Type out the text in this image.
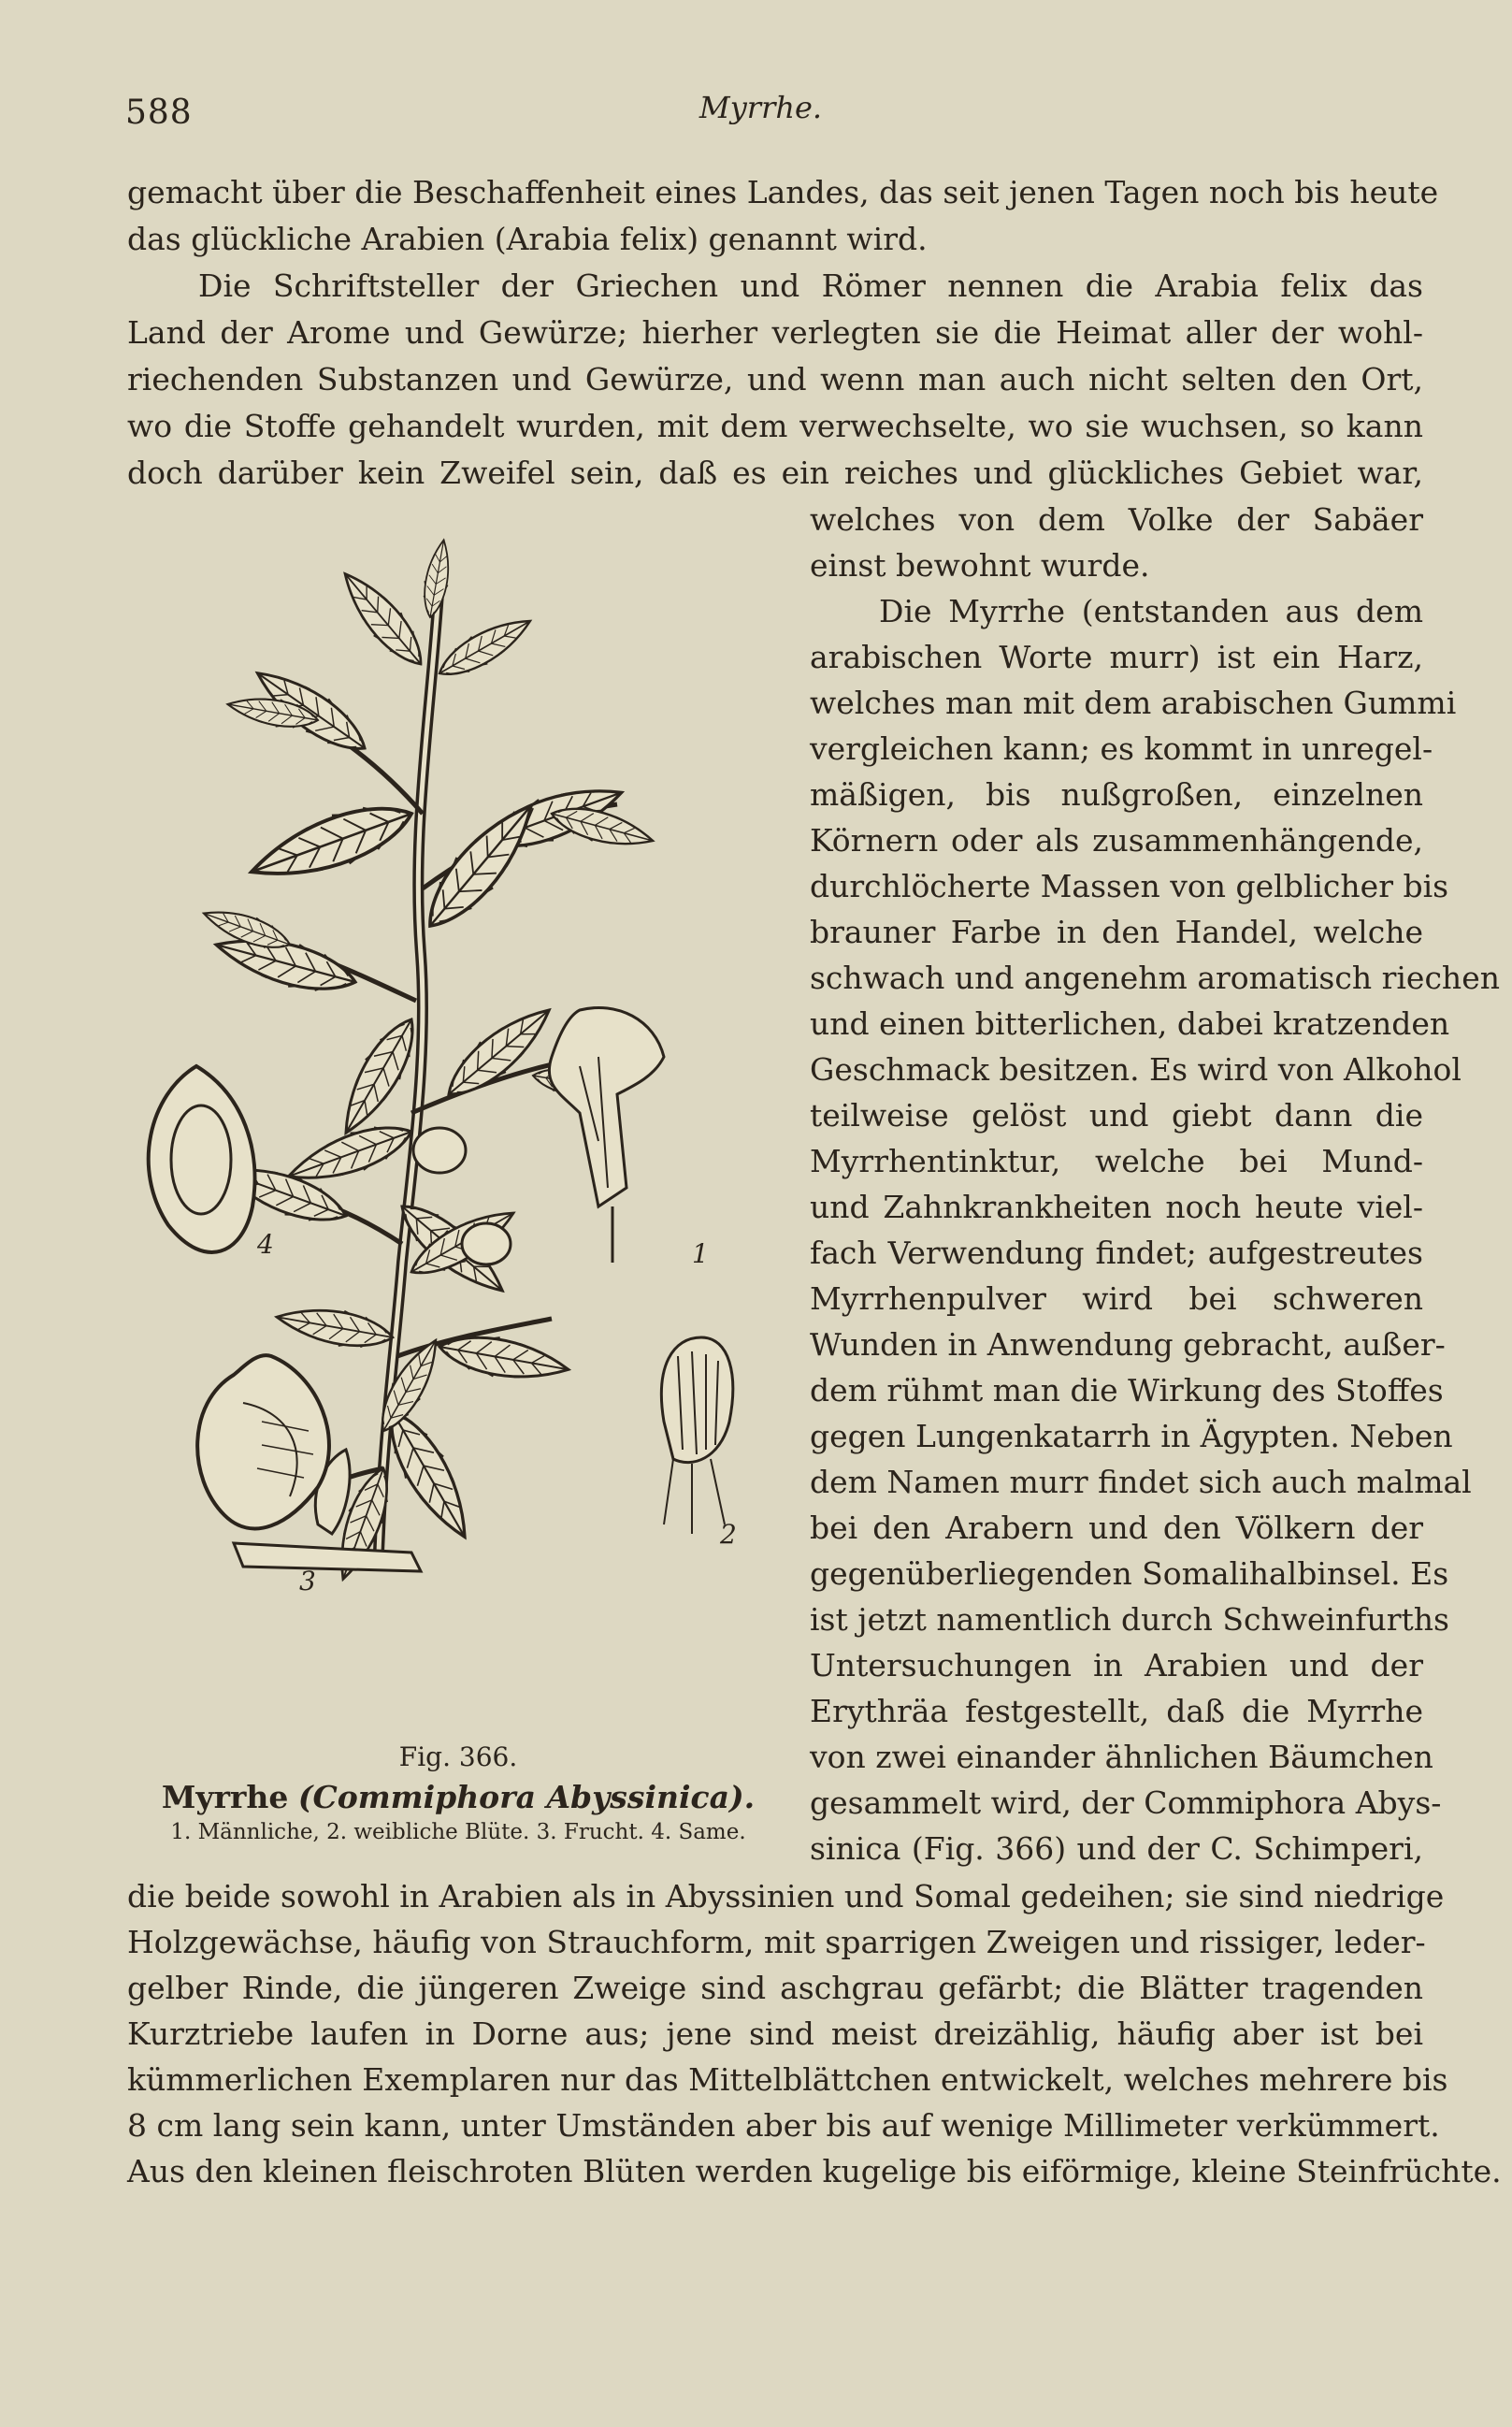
588	Myrrhe.
gemacht über die Beschaffenheit eines Landes, das seit jenen Tagen noch bis heute
das glückliche Arabien (Arabia felix) genannt wird.
Die Schriftsteller der Griechen und Römer nennen die Arabia felix das
Land der Arome und Gewürze; hierher verlegten sie die Heimat aller der wohl-
riechenden Substanzen und Gewürze, und wenn man auch nicht selten den Ort,
wo die Stoffe gehandelt wurden, mit dem verwechselte, wo sie wuchsen, so kann
doch darüber kein Zweifel sein, daß es ein reiches und glückliches Gebiet war,
welches von dem Volke der Sabäer
einst bewohnt wurde.
Die Myrrhe (entstanden aus dem
arabischen Worte murr) ist ein Harz,
welches man mit dem arabischen Gummi
vergleichen kann; es kommt in unregel-
mäßigen, bis nußgroßen, einzelnen
Körnern oder als zusammenhängende,
durchlöcherte Massen von gelblicher bis
brauner Farbe in den Handel, welche
schwach und angenehm aromatisch riechen
und einen bitterlichen, dabei kratzenden
Geschmack besitzen. Es wird von Alkohol
teilweise gelöst und giebt dann die
Myrrhentinktur, welche bei Mund-
und Zahnkrankheiten noch heute viel-
fach Verwendung findet; aufgestreutes
Myrrhenpulver wird bei schweren
Wunden in Anwendung gebracht, außer-
dem rühmt man die Wirkung des Stoffes
gegen Lungenkatarrh in Ägypten. Neben
dem Namen murr findet sich auch malmal
bei den Arabern und den Völkern der
gegenüberliegenden Somalihalbinsel. Es
ist jetzt namentlich durch Schweinfurths
Untersuchungen in Arabien und der
Erythräa festgestellt, daß die Myrrhe
von zwei einander ähnlichen Bäumchen
gesammelt wird, der Commiphora Abys-
sinica (Fig. 366) und der C. Schimperi,
die beide sowohl in Arabien als in Abyssinien und Somal gedeihen; sie sind niedrige
Holzgewächse, häufig von Strauchform, mit sparrigen Zweigen und rissiger, leder-
gelber Rinde, die jüngeren Zweige sind aschgrau gefärbt; die Blätter tragenden
Kurztriebe laufen in Dorne aus; jene sind meist dreizählig, häufig aber ist bei
kümmerlichen Exemplaren nur das Mittelblättchen entwickelt, welches mehrere bis
8 cm lang sein kann, unter Umständen aber bis auf wenige Millimeter verkümmert.
Aus den kleinen fleischroten Blüten werden kugelige bis eiförmige, kleine Steinfrüchte.
1
2
3
4
Fig. 366.
Myrrhe (Commiphora Abyssinica).
1. Männliche, 2. weibliche Blüte. 3. Frucht. 4. Same.
